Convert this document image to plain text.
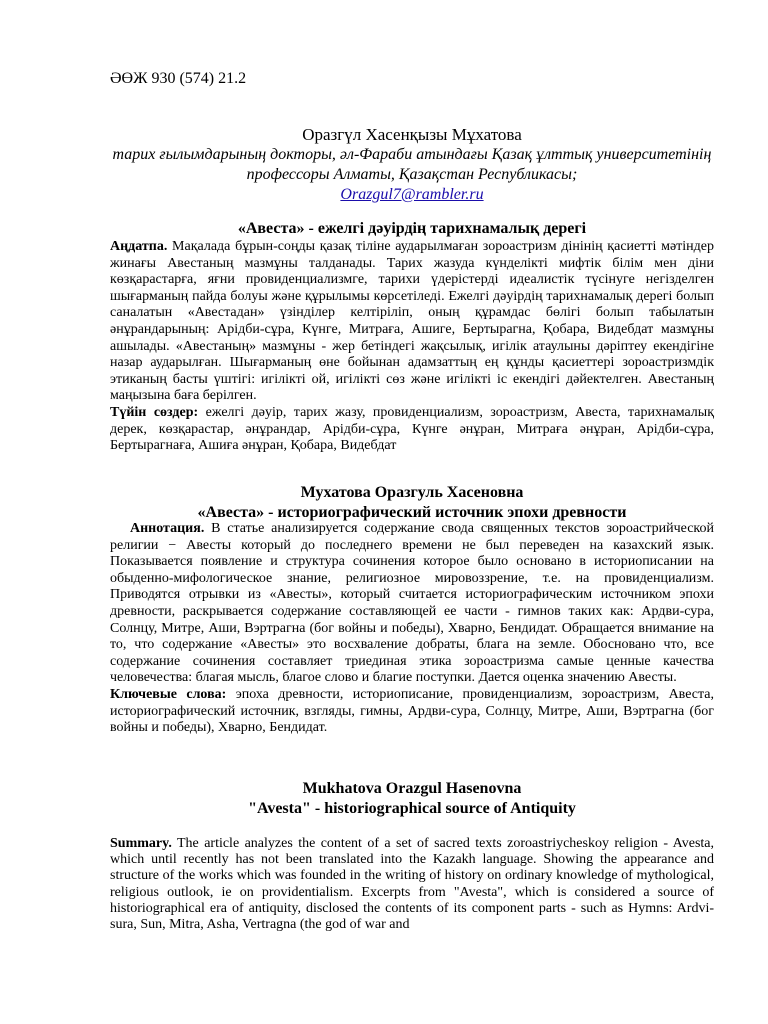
ӘӨЖ 930 (574) 21.2
Оразгүл Хасенқызы Мұхатова
тарих ғылымдарының докторы, әл-Фараби атындағы Қазақ ұлттық университетінің профессоры Алматы, Қазақстан Республикасы;
Orazgul7@rambler.ru
«Авеста» - ежелгі дәуірдің тарихнамалық дерегі

Аңдатпа. Мақалада бұрын-соңды қазақ тіліне аударылмаған зороастризм дінінің қасиетті мәтіндер жинағы Авестаның мазмұны талданады. Тарих жазуда күнделікті мифтік білім мен діни көзқарастарға, яғни провиденциализмге, тарихи үдерістерді идеалистік түсінуге негізделген шығарманың пайда болуы және құрылымы көрсетіледі. Ежелгі дәуірдің тарихнамалық дерегі болып саналатын «Авестадан» үзінділер келтіріліп, оның құрамдас бөлігі болып табылатын әнұрандарының: Арідби-сұра, Күнге, Митраға, Ашиге, Бертырагна, Қобара, Видебдат мазмұны ашылады. «Авестаның» мазмұны - жер бетіндегі жақсылық, игілік атаулыны дәріптеу екендігіне назар аударылған. Шығарманың өне бойынан адамзаттың ең құнды қасиеттері зороастризмдік этиканың басты үштігі: игілікті ой, игілікті сөз және игілікті іс екендігі дәйектелген. Авестаның маңызына баға берілген.

Түйін сөздер: ежелгі дәуір, тарих жазу, провиденциализм, зороастризм, Авеста, тарихнамалық дерек, көзқарастар, әнұрандар, Арідби-сұра, Күнге әнұран, Митраға әнұран, Арідби-сұра, Бертырагнаға, Ашиға әнұран, Қобара, Видебдат

Мухатова Оразгуль Хасеновна
«Авеста» - историографический источник эпохи древности

Аннотация. В статье анализируется содержание свода священных текстов зороастрийческой религии − Авесты который до последнего времени не был переведен на казахский язык. Показывается появление и структура сочинения которое было основано в историописании на обыденно-мифологическое знание, религиозное мировоззрение, т.е. на провиденциализм. Приводятся отрывки из «Авесты», который считается историографическим источником эпохи древности, раскрывается содержание составляющей ее части - гимнов таких как: Ардви-сура, Солнцу, Митре, Аши, Вэртрагна (бог войны и победы), Хварно, Бендидат. Обращается внимание на то, что содержание «Авесты» это восхваление добраты, блага на земле. Обосновано что, все содержание сочинения составляет триединая этика зороастризма самые ценные качества человечества: благая мысль, благое слово и благие поступки. Дается оценка значению Авесты.

Ключевые слова: эпоха древности, историописание, провиденциализм, зороастризм, Авеста, историографический источник, взгляды, гимны, Ардви-сура, Солнцу, Митре, Аши, Вэртрагна (бог войны и победы), Хварно, Бендидат.

Mukhatova Orazgul Hasenovna
"Avesta" - historiographical source of Antiquity

Summary. The article analyzes the content of a set of sacred texts zoroastriycheskoy religion - Avesta, which until recently has not been translated into the Kazakh language. Showing the appearance and structure of the works which was founded in the writing of history on ordinary knowledge of mythological, religious outlook, ie on providentialism. Excerpts from "Avesta", which is considered a source of historiographical era of antiquity, disclosed the contents of its component parts - such as Hymns: Ardvi-sura, Sun, Mitra, Asha, Vertragna (the god of war and
